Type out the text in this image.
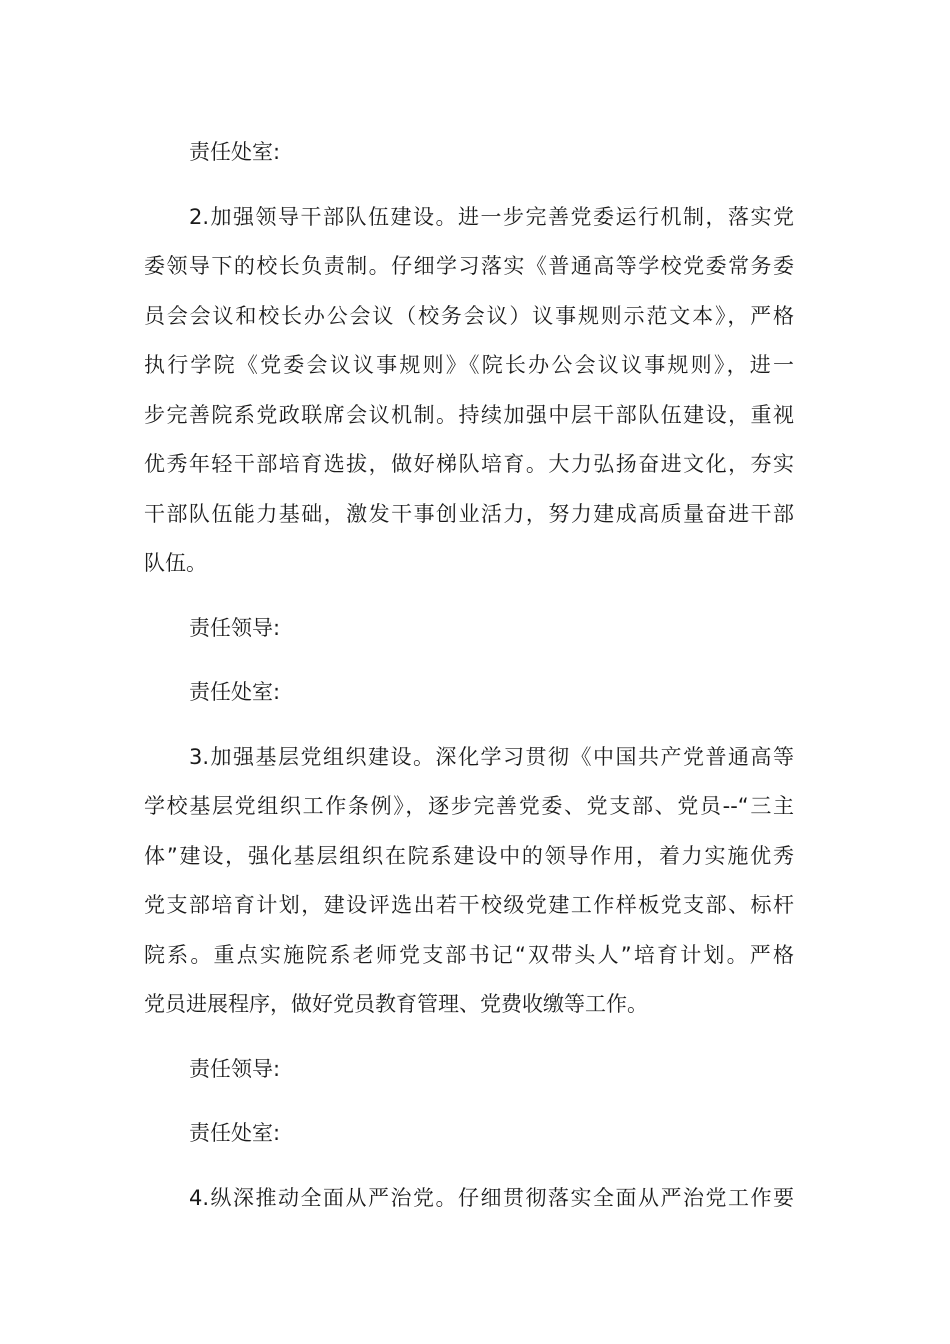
责任处室:
2.加强领导干部队伍建设。进一步完善党委运行机制，落实党
委领导下的校长负责制。仔细学习落实《普通高等学校党委常务委
员会会议和校长办公会议（校务会议）议事规则示范文本》，严格
执行学院《党委会议议事规则》《院长办公会议议事规则》，进一
步完善院系党政联席会议机制。持续加强中层干部队伍建设，重视
优秀年轻干部培育选拔，做好梯队培育。大力弘扬奋进文化，夯实
干部队伍能力基础，激发干事创业活力，努力建成高质量奋进干部
队伍。
责任领导:
责任处室:
3.加强基层党组织建设。深化学习贯彻《中国共产党普通高等
学校基层党组织工作条例》，逐步完善党委、党支部、党员--“三主
体”建设，强化基层组织在院系建设中的领导作用，着力实施优秀
党支部培育计划，建设评选出若干校级党建工作样板党支部、标杆
院系。重点实施院系老师党支部书记“双带头人”培育计划。严格
党员进展程序，做好党员教育管理、党费收缴等工作。
责任领导:
责任处室:
4.纵深推动全面从严治党。仔细贯彻落实全面从严治党工作要
